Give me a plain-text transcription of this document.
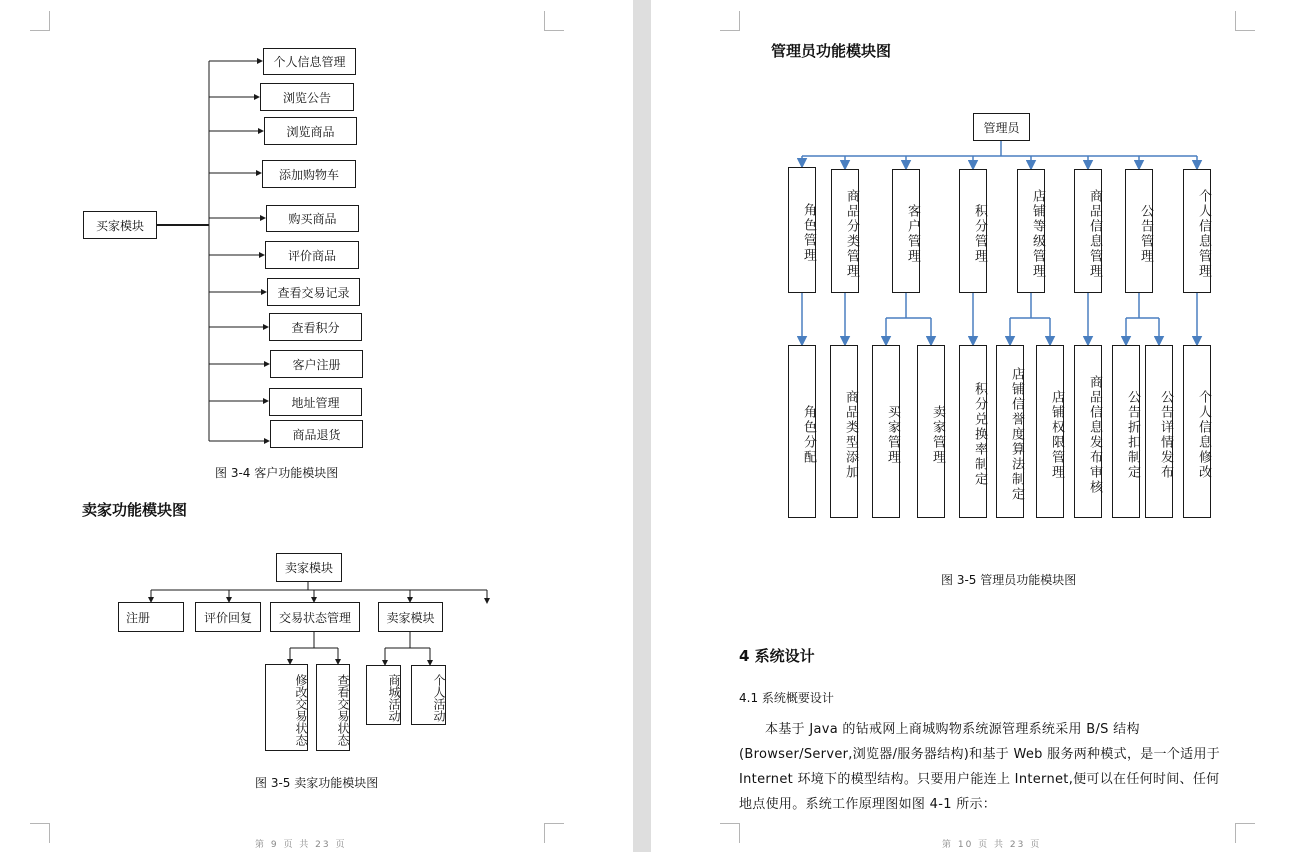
买家模块
个人信息管理
浏览公告
浏览商品
添加购物车
购买商品
评价商品
查看交易记录
查看积分
客户注册
地址管理
商品退货
图 3-4 客户功能模块图
卖家功能模块图
卖家模块
注册	评价回复	交易状态管理	卖家模块
修改交易状态	查看交易状态	商城活动	个人活动
图 3-5 卖家功能模块图
第 9 页 共 23 页
管理员功能模块图
管理员
角色管理	商品分类管理	客户管理	积分管理	店铺等级管理	商品信息管理	公告管理	个人信息管理
角色分配	商品类型添加	买家管理	卖家管理	积分兑换率制定	店铺信誉度算法制定	店铺权限管理	商品信息发布审核	公告折扣制定	公告详情发布	个人信息修改
图 3-5 管理员功能模块图
4 系统设计
4.1 系统概要设计

本基于 Java 的钻戒网上商城购物系统源管理系统采用 B/S 结构

(Browser/Server,浏览器/服务器结构)和基于 Web 服务两种模式，是一个适用于

Internet 环境下的模型结构。只要用户能连上 Internet,便可以在任何时间、任何

地点使用。系统工作原理图如图 4-1 所示：

第 10 页 共 23 页
